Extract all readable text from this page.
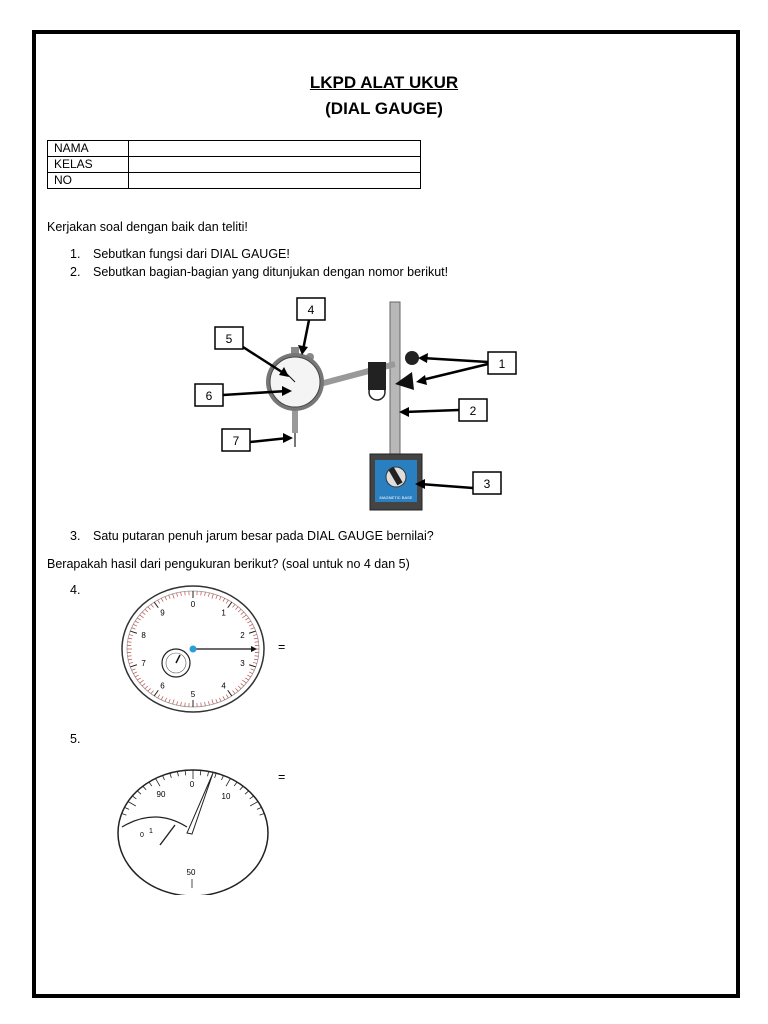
LKPD ALAT UKUR
(DIAL GAUGE)
NAMA	
KELAS	
NO	
Kerjakan soal dengan baik dan teliti!
1. Sebutkan fungsi dari DIAL GAUGE!
2. Sebutkan bagian-bagian yang ditunjukan dengan nomor berikut!
MAGNETIC BASE
1
2
3
4
5
6
7
3. Satu putaran penuh jarum besar pada DIAL GAUGE bernilai?
Berapakah hasil dari pengukuran berikut? (soal untuk no 4 dan 5)
4.
0
1
2
3
4
5
6
7
8
9
=
5.
0
10
90
50
0
1
=
